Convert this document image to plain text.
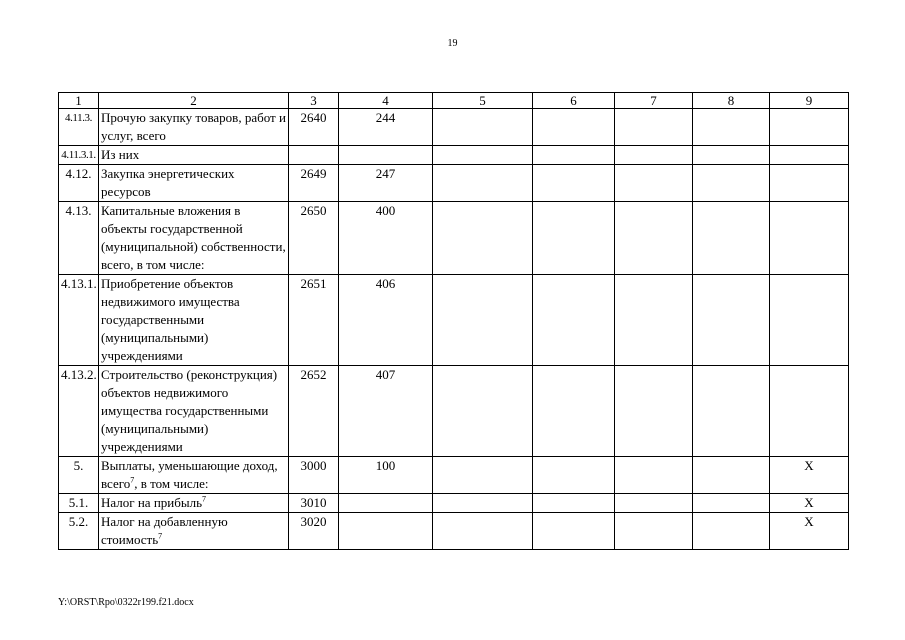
19
1	2	3	4	5	6	7	8	9
4.11.3.	Прочую закупку товаров, работ и услуг, всего	2640	244					
4.11.3.1.	Из них							
4.12.	Закупка энергетических ресурсов	2649	247					
4.13.	Капитальные вложения в объекты государственной (муниципальной) собственности, всего, в том числе:	2650	400					
4.13.1.	Приобретение объектов недвижимого имущества государственными (муниципальными) учреждениями	2651	406					
4.13.2.	Строительство (реконструкция) объектов недвижимого имущества государственными (муниципальными) учреждениями	2652	407					
5.	Выплаты, уменьшающие доход, всего$^7$, в том числе:	3000	100					X
5.1.	Налог на прибыль$^7$	3010						X
5.2.	Налог на добавленную стоимость$^7$	3020						X
Y:\ORST\Rpo\0322r199.f21.docx
